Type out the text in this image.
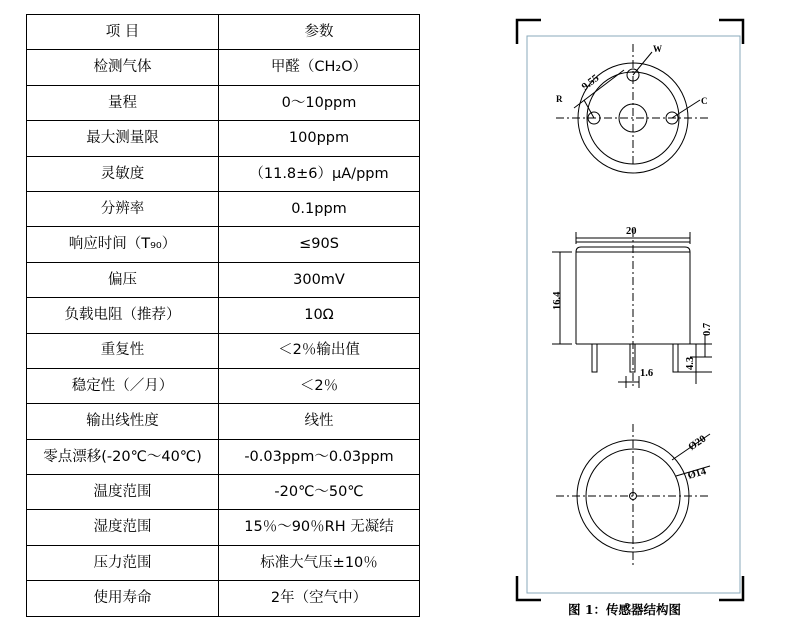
项 目	参数
检测气体	甲醛（CH₂O）
量程	0～10ppm
最大测量限	100ppm
灵敏度	（11.8±6）μA/ppm
分辨率	0.1ppm
响应时间（T₉₀）	≤90S
偏压	300mV
负载电阻（推荐）	10Ω
重复性	＜2％输出值
稳定性（／月）	＜2％
输出线性度	线性
零点漂移(-20℃～40℃)	-0.03ppm～0.03ppm
温度范围	-20℃～50℃
湿度范围	15％～90％RH 无凝结
压力范围	标准大气压±10％
使用寿命	2年（空气中）
9.55
W
R	C
20
16.4
0.7
4.3
1.6
Ø20
Ø14
图 1：传感器结构图
